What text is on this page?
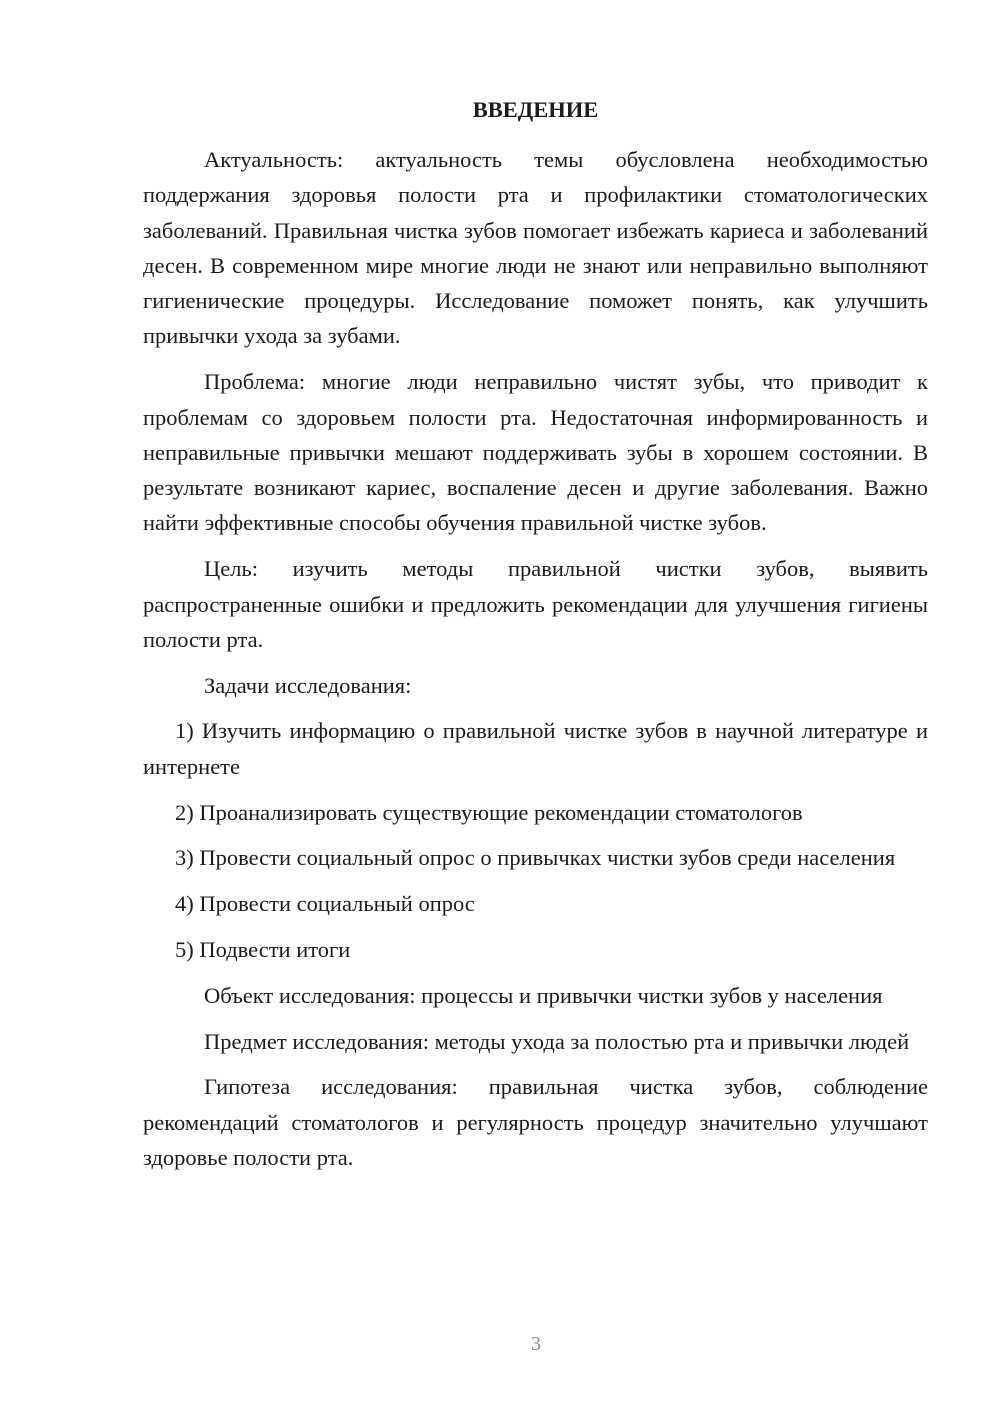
ВВЕДЕНИЕ

Актуальность: актуальность темы обусловлена необходимостью поддержания здоровья полости рта и профилактики стоматологических заболеваний. Правильная чистка зубов помогает избежать кариеса и заболеваний десен. В современном мире многие люди не знают или неправильно выполняют гигиенические процедуры. Исследование поможет понять, как улучшить привычки ухода за зубами.

Проблема: многие люди неправильно чистят зубы, что приводит к проблемам со здоровьем полости рта. Недостаточная информированность и неправильные привычки мешают поддерживать зубы в хорошем состоянии. В результате возникают кариес, воспаление десен и другие заболевания. Важно найти эффективные способы обучения правильной чистке зубов.

Цель: изучить методы правильной чистки зубов, выявить распространенные ошибки и предложить рекомендации для улучшения гигиены полости рта.

Задачи исследования:

1) Изучить информацию о правильной чистке зубов в научной литературе и интернете

2) Проанализировать существующие рекомендации стоматологов

3) Провести социальный опрос о привычках чистки зубов среди населения

4) Провести социальный опрос

5) Подвести итоги

Объект исследования: процессы и привычки чистки зубов у населения

Предмет исследования: методы ухода за полостью рта и привычки людей

Гипотеза исследования: правильная чистка зубов, соблюдение рекомендаций стоматологов и регулярность процедур значительно улучшают здоровье полости рта.

3
